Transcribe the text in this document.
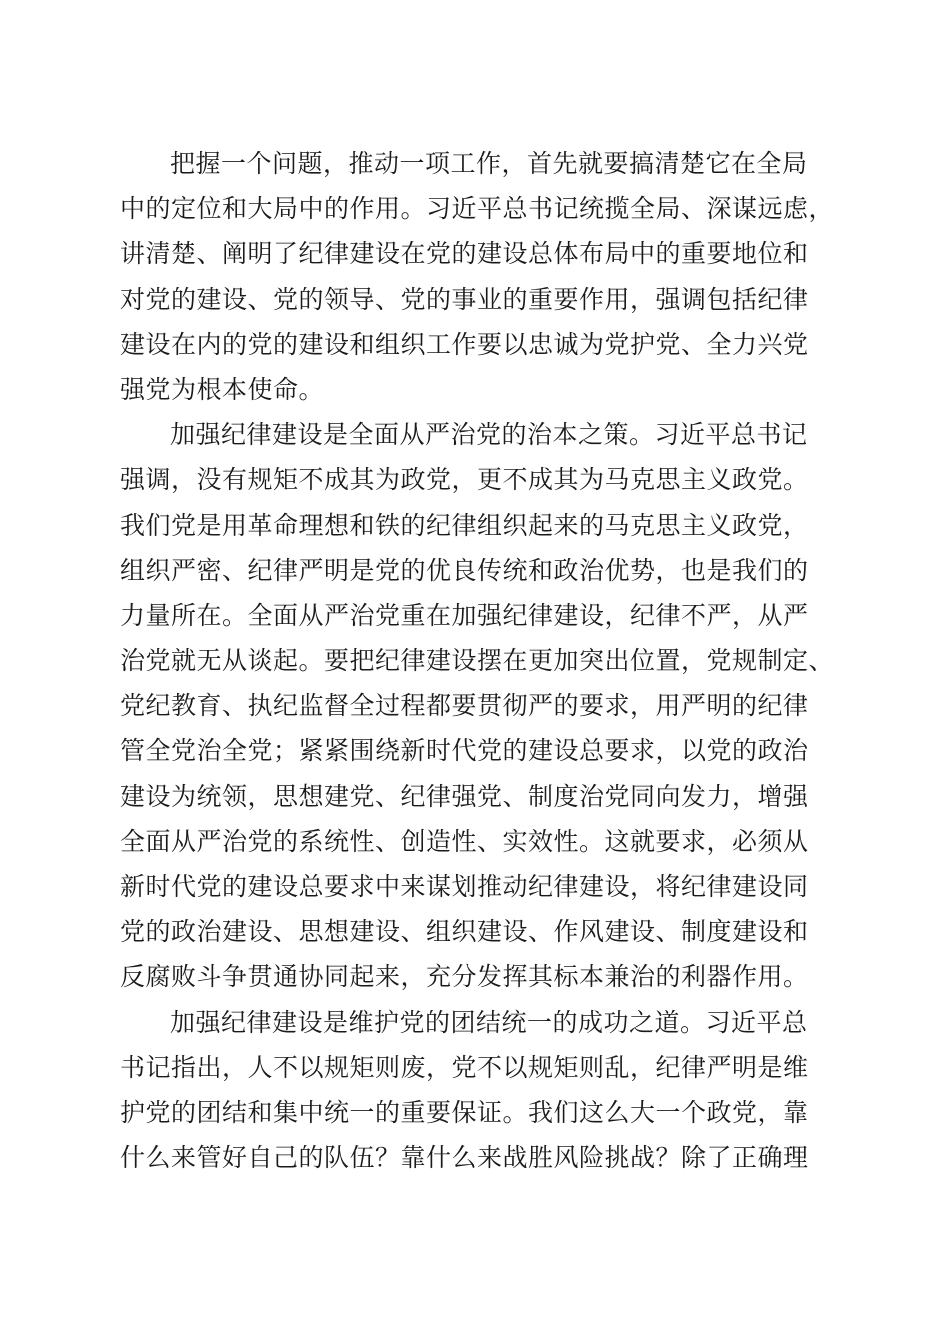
把握一个问题，推动一项工作，首先就要搞清楚它在全局
中的定位和大局中的作用。习近平总书记统揽全局、深谋远虑，
讲清楚、阐明了纪律建设在党的建设总体布局中的重要地位和
对党的建设、党的领导、党的事业的重要作用，强调包括纪律
建设在内的党的建设和组织工作要以忠诚为党护党、全力兴党
强党为根本使命。
加强纪律建设是全面从严治党的治本之策。习近平总书记
强调，没有规矩不成其为政党，更不成其为马克思主义政党。
我们党是用革命理想和铁的纪律组织起来的马克思主义政党，
组织严密、纪律严明是党的优良传统和政治优势，也是我们的
力量所在。全面从严治党重在加强纪律建设，纪律不严，从严
治党就无从谈起。要把纪律建设摆在更加突出位置，党规制定、
党纪教育、执纪监督全过程都要贯彻严的要求，用严明的纪律
管全党治全党；紧紧围绕新时代党的建设总要求，以党的政治
建设为统领，思想建党、纪律强党、制度治党同向发力，增强
全面从严治党的系统性、创造性、实效性。这就要求，必须从
新时代党的建设总要求中来谋划推动纪律建设，将纪律建设同
党的政治建设、思想建设、组织建设、作风建设、制度建设和
反腐败斗争贯通协同起来，充分发挥其标本兼治的利器作用。
加强纪律建设是维护党的团结统一的成功之道。习近平总
书记指出，人不以规矩则废，党不以规矩则乱，纪律严明是维
护党的团结和集中统一的重要保证。我们这么大一个政党，靠
什么来管好自己的队伍？靠什么来战胜风险挑战？除了正确理
